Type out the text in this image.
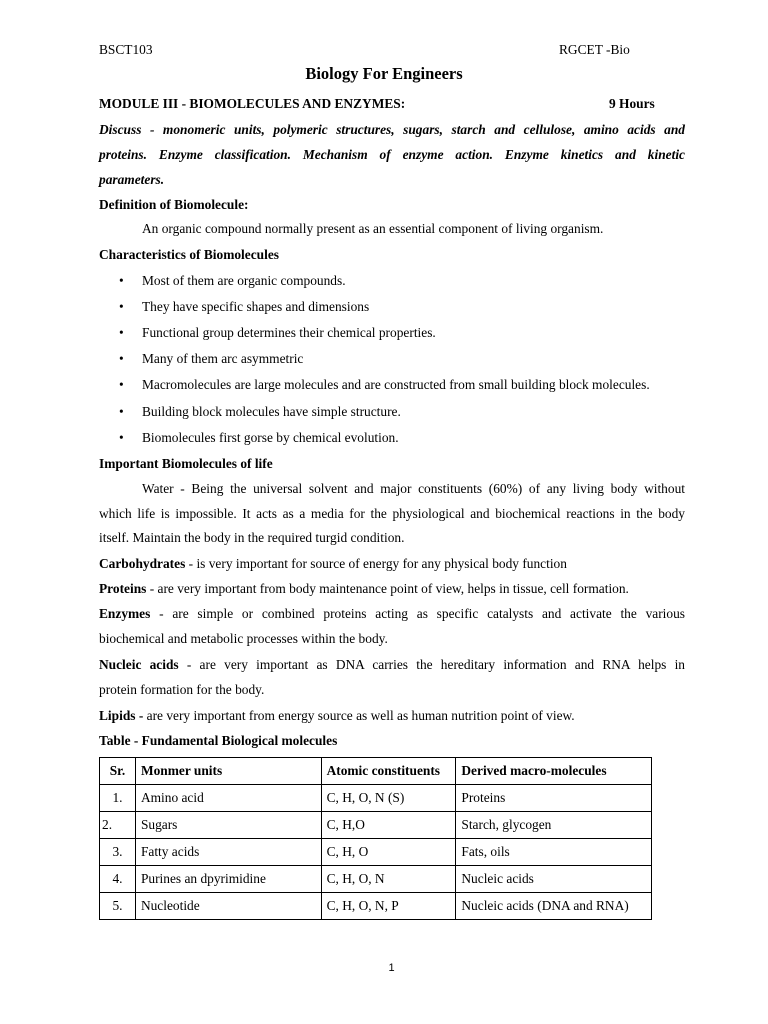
BSCT103	RGCET -Bio
Biology For Engineers
MODULE III - BIOMOLECULES AND ENZYMES:	9 Hours
Discuss - monomeric units, polymeric structures, sugars, starch and cellulose, amino acids and
proteins. Enzyme classification. Mechanism of enzyme action. Enzyme kinetics and kinetic
parameters.
Definition of Biomolecule:
An organic compound normally present as an essential component of living organism.
Characteristics of Biomolecules
• Most of them are organic compounds.
• They have specific shapes and dimensions
• Functional group determines their chemical properties.
• Many of them arc asymmetric
• Macromolecules are large molecules and are constructed from small building block molecules.
• Building block molecules have simple structure.
• Biomolecules first gorse by chemical evolution.
Important Biomolecules of life
Water - Being the universal solvent and major constituents (60%) of any living body without
which life is impossible. It acts as a media for the physiological and biochemical reactions in the body
itself. Maintain the body in the required turgid condition.
Carbohydrates - is very important for source of energy for any physical body function
Proteins - are very important from body maintenance point of view, helps in tissue, cell formation.
Enzymes - are simple or combined proteins acting as specific catalysts and activate the various
biochemical and metabolic processes within the body.
Nucleic acids - are very important as DNA carries the hereditary information and RNA helps in
protein formation for the body.
Lipids - are very important from energy source as well as human nutrition point of view.
Table - Fundamental Biological molecules
Sr.	Monmer units	Atomic constituents	Derived macro-molecules
1.	Amino acid	C, H, O, N (S)	Proteins
2.	Sugars	C, H,O	Starch, glycogen
3.	Fatty acids	C, H, O	Fats, oils
4.	Purines an dpyrimidine	C, H, O, N	Nucleic acids
5.	Nucleotide	C, H, O, N, P	Nucleic acids (DNA and RNA)
1
